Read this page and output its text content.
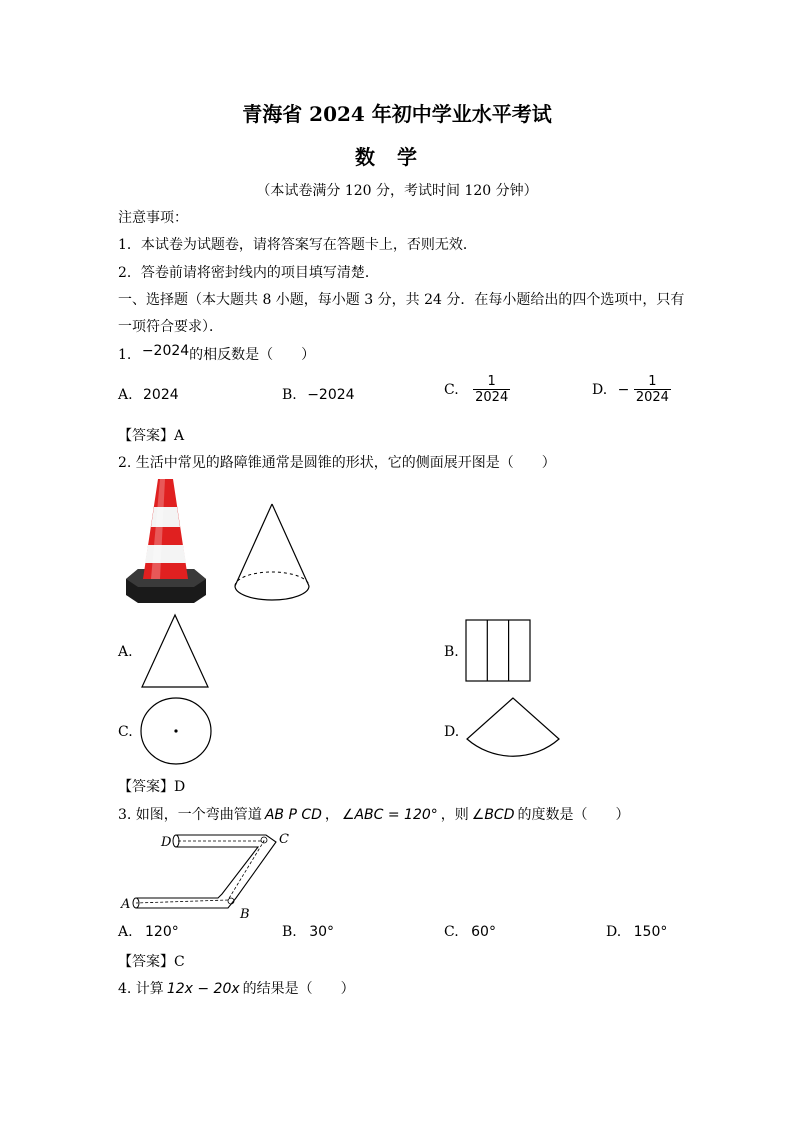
青海省 2024 年初中学业水平考试
数学
（本试卷满分 120 分，考试时间 120 分钟）
注意事项：
1．本试卷为试题卷，请将答案写在答题卡上，否则无效．
2．答卷前请将密封线内的项目填写清楚．
一、选择题（本大题共 8 小题，每小题 3 分，共 24 分．在每小题给出的四个选项中，只有
一项符合要求）．
1. −2024的相反数是（　　）
A. 2024	B. −2024	C. $\frac{1}{2024}$	D. − $\frac{1}{2024}$
【答案】A
2. 生活中常见的路障锥通常是圆锥的形状，它的侧面展开图是（　　）
A.	B.
C.	D.
【答案】D
3. 如图，一个弯曲管道 AB P CD ， ∠ABC = 120° ，则 ∠BCD 的度数是（　　）
D	C
A
B
A. 120°	B. 30°	C. 60°	D. 150°
【答案】C
4. 计算 12x − 20x 的结果是（　　）
